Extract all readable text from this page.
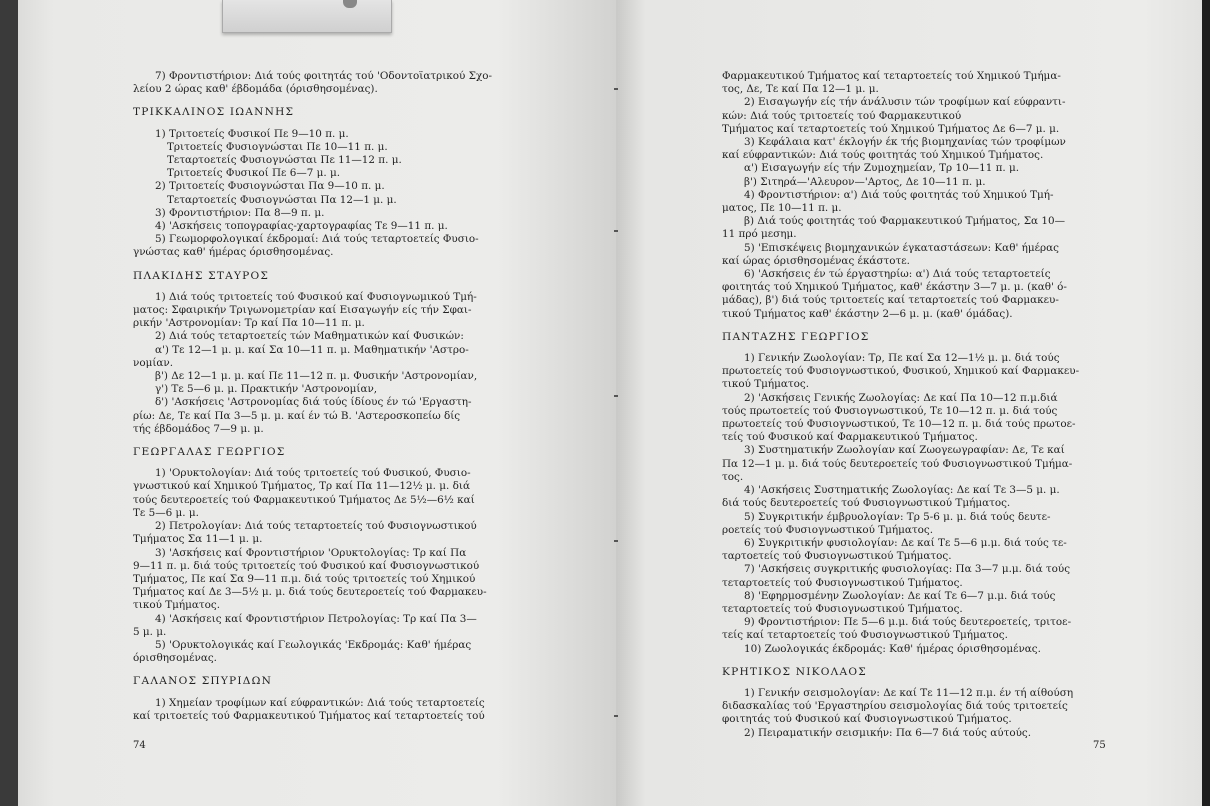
7) Φροντιστήριον: Διά τούς φοιτητάς τού 'Οδοντοϊατρικού Σχο-

λείου 2 ώρας καθ' έβδομάδα (όρισθησομένας).

ΤΡΙΚΚΑΛΙΝΟΣ ΙΩΑΝΝΗΣ

1) Τριτοετείς Φυσικοί Πε 9—10 π. μ.

Τριτοετείς Φυσιογνώσται Πε 10—11 π. μ.

Τεταρτοετείς Φυσιογνώσται Πε 11—12 π. μ.

Τριτοετείς Φυσικοί Πε 6—7 μ. μ.

2) Τριτοετείς Φυσιογνώσται Πα 9—10 π. μ.

Τεταρτοετείς Φυσιογνώσται Πα 12—1 μ. μ.

3) Φροντιστήριον: Πα 8—9 π. μ.

4) 'Ασκήσεις τοπογραφίας-χαρτογραφίας Τε 9—11 π. μ.

5) Γεωμορφολογικαί έκδρομαί: Διά τούς τεταρτοετείς Φυσιο-

γνώστας καθ' ήμέρας όρισθησομένας.

ΠΛΑΚΙΔΗΣ ΣΤΑΥΡΟΣ

1) Διά τούς τριτοετείς τού Φυσικού καί Φυσιογνωμικού Τμή-

ματος: Σφαιρικήν Τριγωνομετρίαν καί Εισαγωγήν είς τήν Σφαι-

ρικήν 'Αστρονομίαν: Τρ καί Πα 10—11 π. μ.

2) Διά τούς τεταρτοετείς τών Μαθηματικών καί Φυσικών:

α') Τε 12—1 μ. μ. καί Σα 10—11 π. μ. Μαθηματικήν 'Αστρο-

νομίαν.

β') Δε 12—1 μ. μ. καί Πε 11—12 π. μ. Φυσικήν 'Αστρονομίαν,

γ') Τε 5—6 μ. μ. Πρακτικήν 'Αστρονομίαν,

δ') 'Ασκήσεις 'Αστρονομίας διά τούς ίδίους έν τώ 'Εργαστη-

ρίω: Δε, Τε καί Πα 3—5 μ. μ. καί έν τώ Β. 'Αστεροσκοπείω δίς

τής έβδομάδος 7—9 μ. μ.

ΓΕΩΡΓΑΛΑΣ ΓΕΩΡΓΙΟΣ

1) 'Ορυκτολογίαν: Διά τούς τριτοετείς τού Φυσικού, Φυσιο-

γνωστικού καί Χημικού Τμήματος, Τρ καί Πα 11—12½ μ. μ. διά

τούς δευτεροετείς τού Φαρμακευτικού Τμήματος Δε 5½—6½ καί

Τε 5—6 μ. μ.

2) Πετρολογίαν: Διά τούς τεταρτοετείς τού Φυσιογνωστικού

Τμήματος Σα 11—1 μ. μ.

3) 'Ασκήσεις καί Φροντιστήριον 'Ορυκτολογίας: Τρ καί Πα

9—11 π. μ. διά τούς τριτοετείς τού Φυσικού καί Φυσιογνωστικού

Τμήματος, Πε καί Σα 9—11 π.μ. διά τούς τριτοετείς τού Χημικού

Τμήματος καί Δε 3—5½ μ. μ. διά τούς δευτεροετείς τού Φαρμακευ-

τικού Τμήματος.

4) 'Ασκήσεις καί Φροντιστήριον Πετρολογίας: Τρ καί Πα 3—

5 μ. μ.

5) 'Ορυκτολογικάς καί Γεωλογικάς 'Εκδρομάς: Καθ' ήμέρας

όρισθησομένας.

ΓΑΛΑΝΟΣ ΣΠΥΡΙΔΩΝ

1) Χημείαν τροφίμων καί εύφραντικών: Διά τούς τεταρτοετείς

καί τριτοετείς τού Φαρμακευτικού Τμήματος καί τεταρτοετείς τού

74

Φαρμακευτικού Τμήματος καί τεταρτοετείς τού Χημικού Τμήμα-

τος, Δε, Τε καί Πα 12—1 μ. μ.

2) Εισαγωγήν είς τήν άνάλυσιν τών τροφίμων καί εύφραντι-

κών: Διά τούς τριτοετείς τού Φαρμακευτικού

Τμήματος καί τεταρτοετείς τού Χημικού Τμήματος Δε 6—7 μ. μ.

3) Κεφάλαια κατ' έκλογήν έκ τής βιομηχανίας τών τροφίμων

καί εύφραντικών: Διά τούς φοιτητάς τού Χημικού Τμήματος.

α') Εισαγωγήν είς τήν Ζυμοχημείαν, Τρ 10—11 π. μ.

β') Σιτηρά—'Αλευρον—'Αρτος, Δε 10—11 π. μ.

4) Φροντιστήριον: α') Διά τούς φοιτητάς τού Χημικού Τμή-

ματος, Πε 10—11 π. μ.

β) Διά τούς φοιτητάς τού Φαρμακευτικού Τμήματος, Σα 10—

11 πρό μεσημ.

5) 'Επισκέψεις βιομηχανικών έγκαταστάσεων: Καθ' ήμέρας

καί ώρας όρισθησομένας έκάστοτε.

6) 'Ασκήσεις έν τώ έργαστηρίω: α') Διά τούς τεταρτοετείς

φοιτητάς τού Χημικού Τμήματος, καθ' έκάστην 3—7 μ. μ. (καθ' ό-

μάδας), β') διά τούς τριτοετείς καί τεταρτοετείς τού Φαρμακευ-

τικού Τμήματος καθ' έκάστην 2—6 μ. μ. (καθ' όμάδας).

ΠΑΝΤΑΖΗΣ ΓΕΩΡΓΙΟΣ

1) Γενικήν Ζωολογίαν: Τρ, Πε καί Σα 12—1½ μ. μ. διά τούς

πρωτοετείς τού Φυσιογνωστικού, Φυσικού, Χημικού καί Φαρμακευ-

τικού Τμήματος.

2) 'Ασκήσεις Γενικής Ζωολογίας: Δε καί Πα 10—12 π.μ.διά

τούς πρωτοετείς τού Φυσιογνωστικού, Τε 10—12 π. μ. διά τούς

πρωτοετείς τού Φυσιογνωστικού, Τε 10—12 π. μ. διά τούς πρωτοε-

τείς τού Φυσικού καί Φαρμακευτικού Τμήματος.

3) Συστηματικήν Ζωολογίαν καί Ζωογεωγραφίαν: Δε, Τε καί

Πα 12—1 μ. μ. διά τούς δευτεροετείς τού Φυσιογνωστικού Τμήμα-

τος.

4) 'Ασκήσεις Συστηματικής Ζωολογίας: Δε καί Τε 3—5 μ. μ.

διά τούς δευτεροετείς τού Φυσιογνωστικού Τμήματος.

5) Συγκριτικήν έμβρυολογίαν: Τρ 5-6 μ. μ. διά τούς δευτε-

ροετείς τού Φυσιογνωστικού Τμήματος.

6) Συγκριτικήν φυσιολογίαν: Δε καί Τε 5—6 μ.μ. διά τούς τε-

ταρτοετείς τού Φυσιογνωστικού Τμήματος.

7) 'Ασκήσεις συγκριτικής φυσιολογίας: Πα 3—7 μ.μ. διά τούς

τεταρτοετείς τού Φυσιογνωστικού Τμήματος.

8) 'Εφηρμοσμένην Ζωολογίαν: Δε καί Τε 6—7 μ.μ. διά τούς

τεταρτοετείς τού Φυσιογνωστικού Τμήματος.

9) Φροντιστήριον: Πε 5—6 μ.μ. διά τούς δευτεροετείς, τριτοε-

τείς καί τεταρτοετείς τού Φυσιογνωστικού Τμήματος.

10) Ζωολογικάς έκδρομάς: Καθ' ήμέρας όρισθησομένας.

ΚΡΗΤΙΚΟΣ ΝΙΚΟΛΑΟΣ

1) Γενικήν σεισμολογίαν: Δε καί Τε 11—12 π.μ. έν τή αίθούση

διδασκαλίας τού 'Εργαστηρίου σεισμολογίας διά τούς τριτοετείς

φοιτητάς τού Φυσικού καί Φυσιογνωστικού Τμήματος.

2) Πειραματικήν σεισμικήν: Πα 6—7 διά τούς αύτούς.

75
